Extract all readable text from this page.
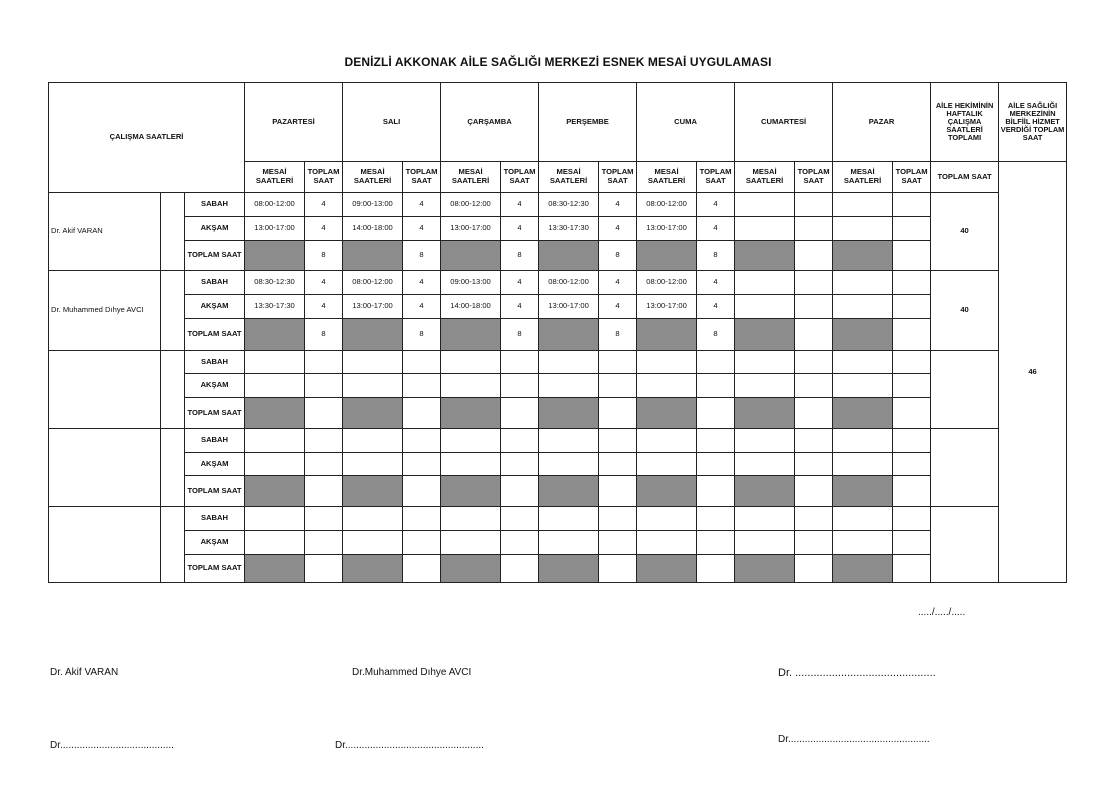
DENİZLİ AKKONAK AİLE SAĞLIĞI MERKEZİ ESNEK MESAİ UYGULAMASI
ÇALIŞMA SAATLERİ			PAZARTESİ		SALI		ÇARŞAMBA		PERŞEMBE		CUMA		CUMARTESİ		PAZAR		AİLE HEKİMİNİN HAFTALIK ÇALIŞMA SAATLERİ TOPLAMI	AİLE SAĞLIĞI MERKEZİNİN BİLFİİL HİZMET VERDİĞİ TOPLAM SAAT
			MESAİ SAATLERİ	TOPLAM SAAT	MESAİ SAATLERİ	TOPLAM SAAT	MESAİ SAATLERİ	TOPLAM SAAT	MESAİ SAATLERİ	TOPLAM SAAT	MESAİ SAATLERİ	TOPLAM SAAT	MESAİ SAATLERİ	TOPLAM SAAT	MESAİ SAATLERİ	TOPLAM SAAT	TOPLAM SAAT	46
Dr. Akif VARAN		SABAH	08:00-12:00	4	09:00-13:00	4	08:00-12:00	4	08:30-12:30	4	08:00-12:00	4					40	
		AKŞAM	13:00-17:00	4	14:00-18:00	4	13:00-17:00	4	13:30-17:30	4	13:00-17:00	4						
		TOPLAM SAAT		8		8		8		8		8						
Dr. Muhammed Dıhye AVCI		SABAH	08:30-12:30	4	08:00-12:00	4	09:00-13:00	4	08:00-12:00	4	08:00-12:00	4					40	
		AKŞAM	13:30-17:30	4	13:00-17:00	4	14:00-18:00	4	13:00-17:00	4	13:00-17:00	4						
		TOPLAM SAAT		8		8		8		8		8						
		SABAH																
		AKŞAM																
		TOPLAM SAAT																
		SABAH																
		AKŞAM																
		TOPLAM SAAT																
		SABAH																
		AKŞAM																
		TOPLAM SAAT																
...../...../.....
Dr. Akif VARAN	Dr.Muhammed Dıhye AVCI	Dr. ..............................................
Dr.........................................	Dr..................................................
Dr...................................................
